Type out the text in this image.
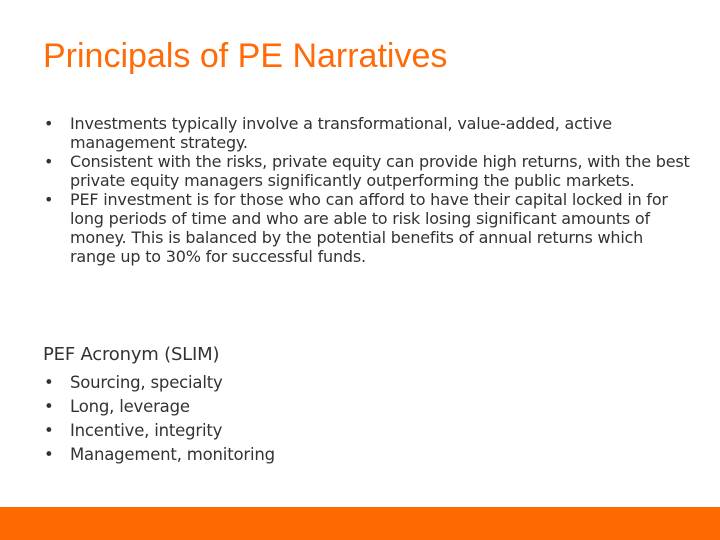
Principals of PE Narratives
• Investments typically involve a transformational, value-added, active management strategy.
• Consistent with the risks, private equity can provide high returns, with the best private equity managers significantly outperforming the public markets.
• PEF investment is for those who can afford to have their capital locked in for long periods of time and who are able to risk losing significant amounts of money. This is balanced by the potential benefits of annual returns which range up to 30% for successful funds.
PEF Acronym (SLIM)
• Sourcing, specialty
• Long, leverage
• Incentive, integrity
• Management, monitoring
